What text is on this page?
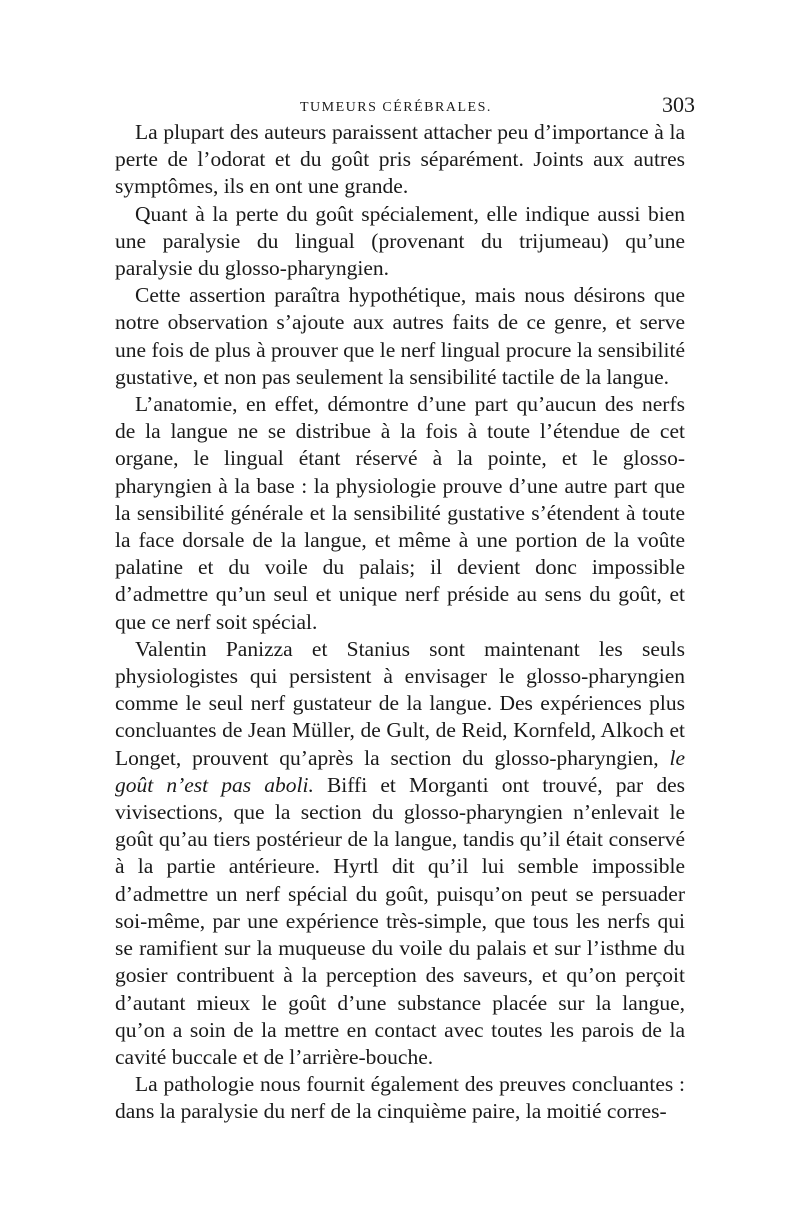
TUMEURS CÉRÉBRALES.	303

La plupart des auteurs paraissent attacher peu d’importance à la perte de l’odorat et du goût pris séparément. Joints aux autres symptômes, ils en ont une grande.

Quant à la perte du goût spécialement, elle indique aussi bien une paralysie du lingual (provenant du trijumeau) qu’une paralysie du glosso-pharyngien.

Cette assertion paraîtra hypothétique, mais nous désirons que notre observation s’ajoute aux autres faits de ce genre, et serve une fois de plus à prouver que le nerf lingual procure la sensibilité gustative, et non pas seulement la sensibilité tactile de la langue.

L’anatomie, en effet, démontre d’une part qu’aucun des nerfs de la langue ne se distribue à la fois à toute l’étendue de cet organe, le lingual étant réservé à la pointe, et le glosso-pharyngien à la base : la physiologie prouve d’une autre part que la sensibilité générale et la sensibilité gustative s’étendent à toute la face dorsale de la langue, et même à une portion de la voûte palatine et du voile du palais; il devient donc impossible d’admettre qu’un seul et unique nerf préside au sens du goût, et que ce nerf soit spécial.

Valentin Panizza et Stanius sont maintenant les seuls physiologistes qui persistent à envisager le glosso-pharyngien comme le seul nerf gustateur de la langue. Des expériences plus concluantes de Jean Müller, de Gult, de Reid, Kornfeld, Alkoch et Longet, prouvent qu’après la section du glosso-pharyngien, le goût n’est pas aboli. Biffi et Morganti ont trouvé, par des vivisections, que la section du glosso-pharyngien n’enlevait le goût qu’au tiers postérieur de la langue, tandis qu’il était conservé à la partie antérieure. Hyrtl dit qu’il lui semble impossible d’admettre un nerf spécial du goût, puisqu’on peut se persuader soi-même, par une expérience très-simple, que tous les nerfs qui se ramifient sur la muqueuse du voile du palais et sur l’isthme du gosier contribuent à la perception des saveurs, et qu’on perçoit d’autant mieux le goût d’une substance placée sur la langue, qu’on a soin de la mettre en contact avec toutes les parois de la cavité buccale et de l’arrière-bouche.

La pathologie nous fournit également des preuves concluantes : dans la paralysie du nerf de la cinquième paire, la moitié corres-
